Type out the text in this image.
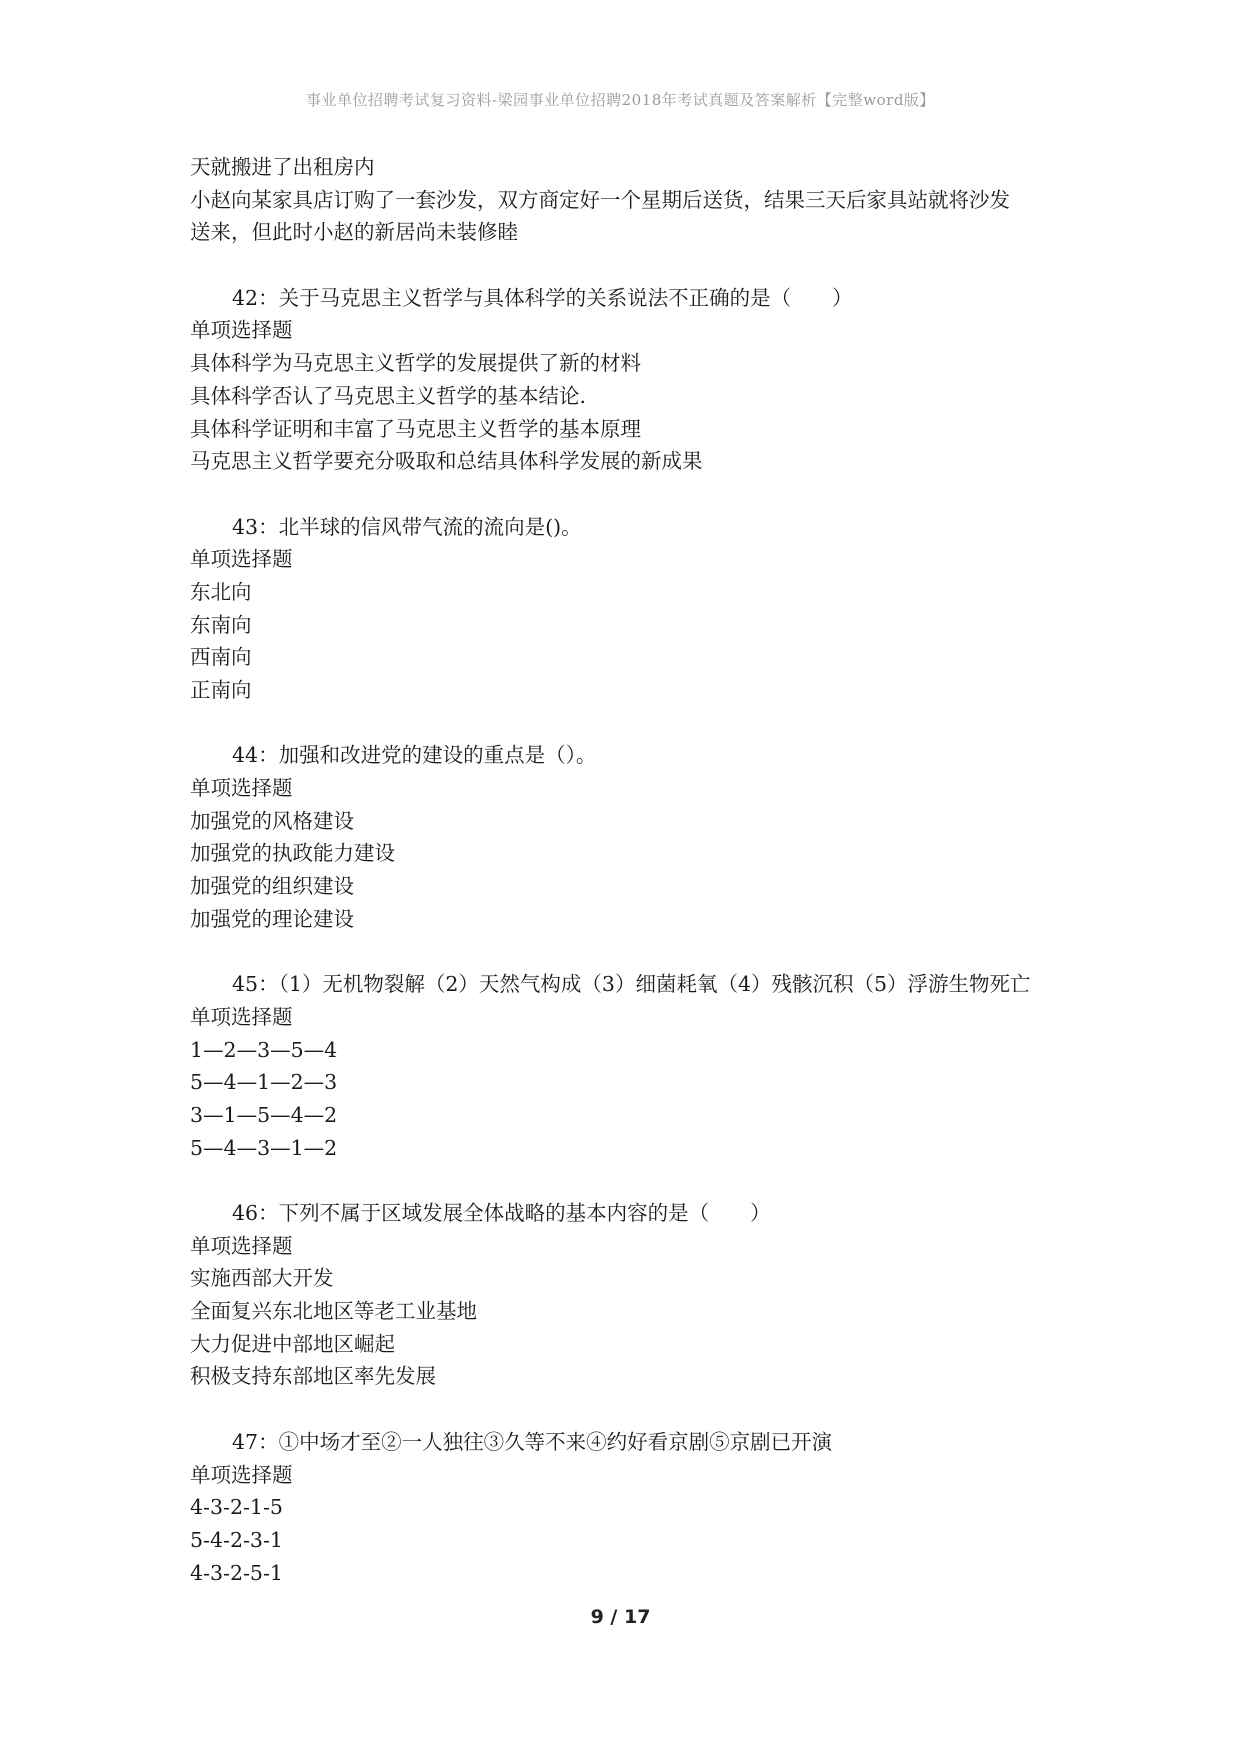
事业单位招聘考试复习资料-梁园事业单位招聘2018年考试真题及答案解析【完整word版】
天就搬进了出租房内
小赵向某家具店订购了一套沙发，双方商定好一个星期后送货，结果三天后家具站就将沙发
送来，但此时小赵的新居尚未装修睦
42：关于马克思主义哲学与具体科学的关系说法不正确的是（　　）
单项选择题
具体科学为马克思主义哲学的发展提供了新的材料
具体科学否认了马克思主义哲学的基本结论.
具体科学证明和丰富了马克思主义哲学的基本原理
马克思主义哲学要充分吸取和总结具体科学发展的新成果
43：北半球的信风带气流的流向是()。
单项选择题
东北向
东南向
西南向
正南向
44：加强和改进党的建设的重点是（）。
单项选择题
加强党的风格建设
加强党的执政能力建设
加强党的组织建设
加强党的理论建设
45：（1）无机物裂解（2）天然气构成（3）细菌耗氧（4）残骸沉积（5）浮游生物死亡
单项选择题
1—2—3—5—4
5—4—1—2—3
3—1—5—4—2
5—4—3—1—2
46：下列不属于区域发展全体战略的基本内容的是（　　）
单项选择题
实施西部大开发
全面复兴东北地区等老工业基地
大力促进中部地区崛起
积极支持东部地区率先发展
47：①中场才至②一人独往③久等不来④约好看京剧⑤京剧已开演
单项选择题
4-3-2-1-5
5-4-2-3-1
4-3-2-5-1
9 / 17
